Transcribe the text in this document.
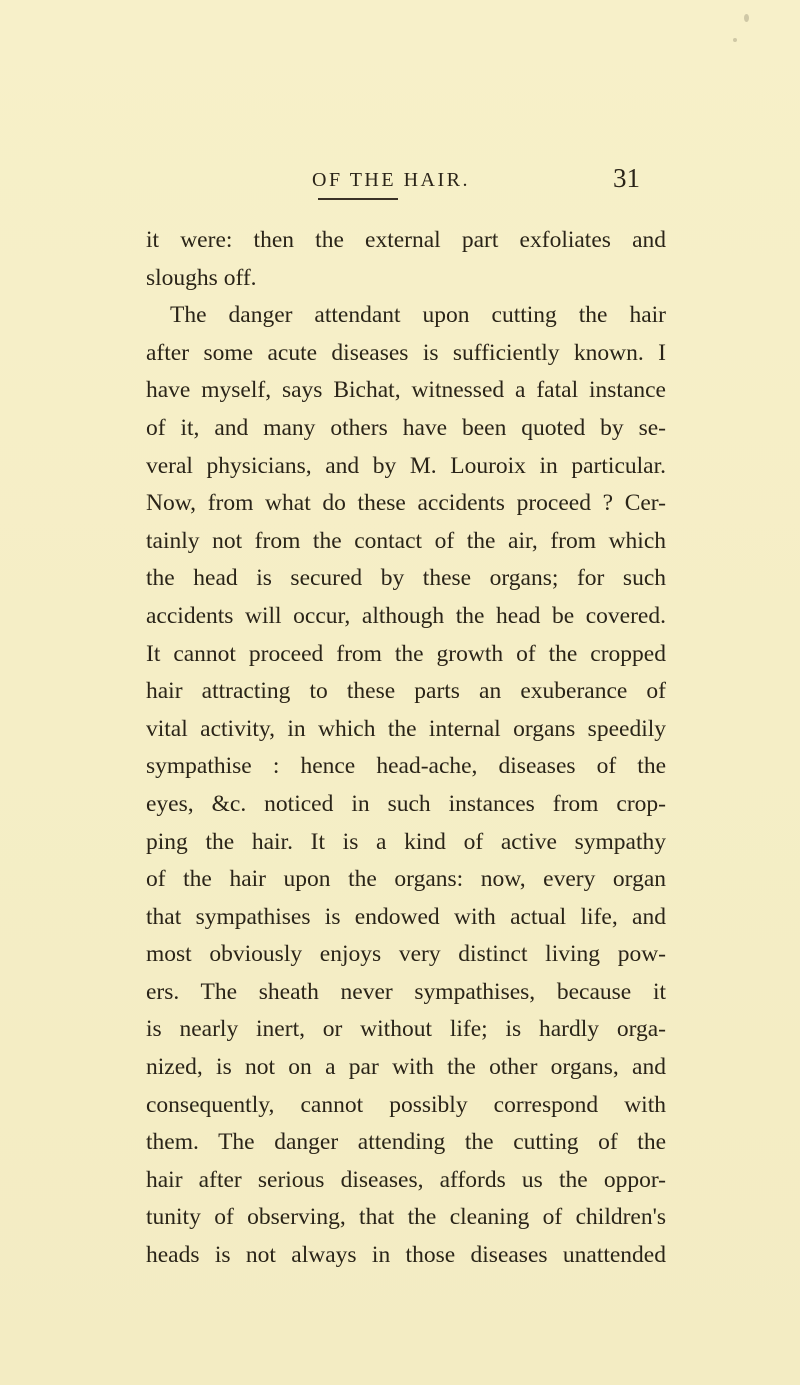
OF THE HAIR.	31
it were: then the external part exfoliates and
sloughs off.
The danger attendant upon cutting the hair
after some acute diseases is sufficiently known. I
have myself, says Bichat, witnessed a fatal instance
of it, and many others have been quoted by se-
veral physicians, and by M. Louroix in particular.
Now, from what do these accidents proceed ? Cer-
tainly not from the contact of the air, from which
the head is secured by these organs; for such
accidents will occur, although the head be covered.
It cannot proceed from the growth of the cropped
hair attracting to these parts an exuberance of
vital activity, in which the internal organs speedily
sympathise : hence head-ache, diseases of the
eyes, &c. noticed in such instances from crop-
ping the hair. It is a kind of active sympathy
of the hair upon the organs: now, every organ
that sympathises is endowed with actual life, and
most obviously enjoys very distinct living pow-
ers. The sheath never sympathises, because it
is nearly inert, or without life; is hardly orga-
nized, is not on a par with the other organs, and
consequently, cannot possibly correspond with
them. The danger attending the cutting of the
hair after serious diseases, affords us the oppor-
tunity of observing, that the cleaning of children's
heads is not always in those diseases unattended
